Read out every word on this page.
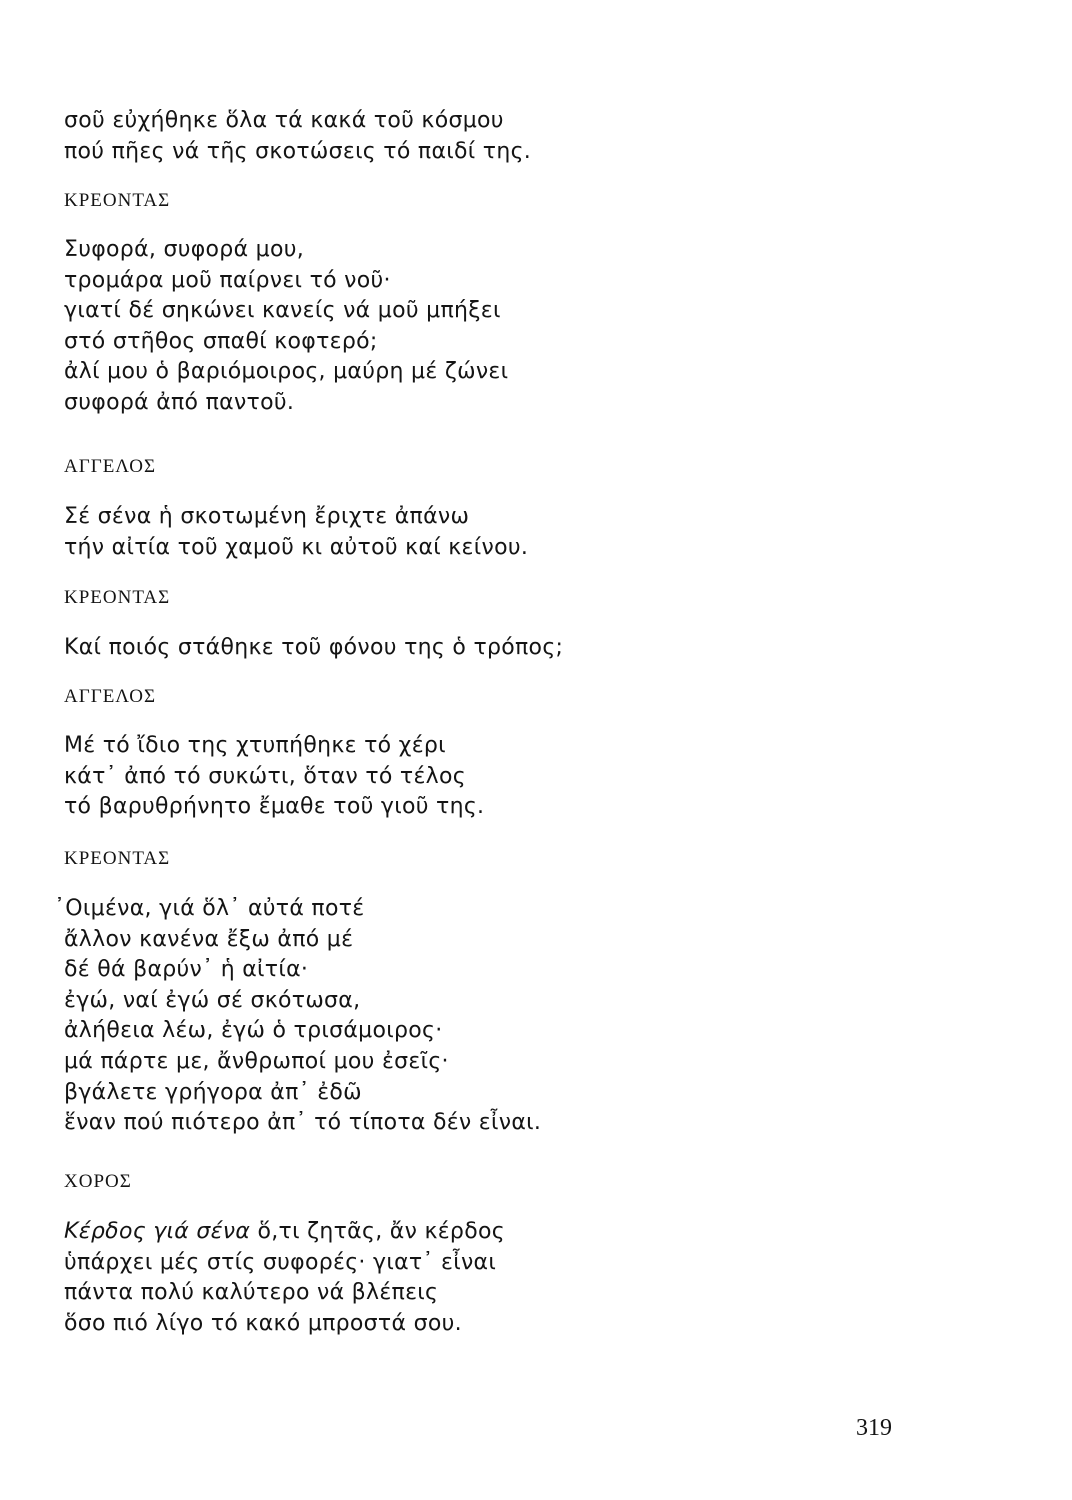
σοῦ εὐχήθηκε ὅλα τά κακά τοῦ κόσμου
πού πῆες νά τῆς σκοτώσεις τό παιδί της.
ΚΡΕΟΝΤΑΣ
Συφορά, συφορά μου,
τρομάρα μοῦ παίρνει τό νοῦ·
γιατί δέ σηκώνει κανείς νά μοῦ μπήξει
στό στῆθος σπαθί κοφτερό;
ἀλί μου ὁ βαριόμοιρος, μαύρη μέ ζώνει
συφορά ἀπό παντοῦ.
ΑΓΓΕΛΟΣ
Σέ σένα ἡ σκοτωμένη ἔριχτε ἀπάνω
τήν αἰτία τοῦ χαμοῦ κι αὐτοῦ καί κείνου.
ΚΡΕΟΝΤΑΣ
Καί ποιός στάθηκε τοῦ φόνου της ὁ τρόπος;
ΑΓΓΕΛΟΣ
Μέ τό ἴδιο της χτυπήθηκε τό χέρι
κάτ᾿ ἀπό τό συκώτι, ὅταν τό τέλος
τό βαρυθρήνητο ἔμαθε τοῦ γιοῦ της.
ΚΡΕΟΝΤΑΣ
᾿Οιμένα, γιά ὅλ᾿ αὐτά ποτέ
ἄλλον κανένα ἔξω ἀπό μέ
δέ θά βαρύν᾿ ἡ αἰτία·
ἐγώ, ναί ἐγώ σέ σκότωσα,
ἀλήθεια λέω, ἐγώ ὁ τρισάμοιρος·
μά πάρτε με, ἄνθρωποί μου ἐσεῖς·
βγάλετε γρήγορα ἀπ᾿ ἐδῶ
ἕναν πού πιότερο ἀπ᾿ τό τίποτα δέν εἶναι.
ΧΟΡΟΣ
Κέρδος γιά σένα ὅ,τι ζητᾶς, ἄν κέρδος
ὑπάρχει μές στίς συφορές· γιατ᾿ εἶναι
πάντα πολύ καλύτερο νά βλέπεις
ὅσο πιό λίγο τό κακό μπροστά σου.
319
